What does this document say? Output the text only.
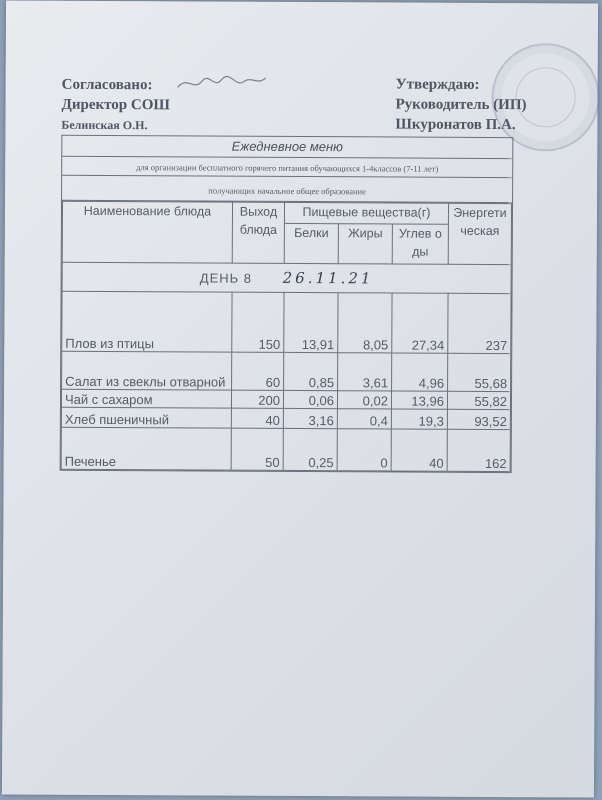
Согласовано:
Директор СОШ
Белинская О.Н.
Утверждаю:
Руководитель (ИП)
Шкуронатов П.А.
Ежедневное меню
для организации бесплатного горячего питания обучающихся 1-4классов (7-11 лет)
получающих начальное общее образование
Наименование блюда	Выход блюда	Пищевые вещества(г)			Энергетическая
		Белки	Жиры	Углев оды	
ДЕНЬ 8 26.11.21					
Плов из птицы	150	13,91	8,05	27,34	237
Салат из свеклы отварной	60	0,85	3,61	4,96	55,68
Чай с сахаром	200	0,06	0,02	13,96	55,82
Хлеб пшеничный	40	3,16	0,4	19,3	93,52
Печенье	50	0,25	0	40	162
